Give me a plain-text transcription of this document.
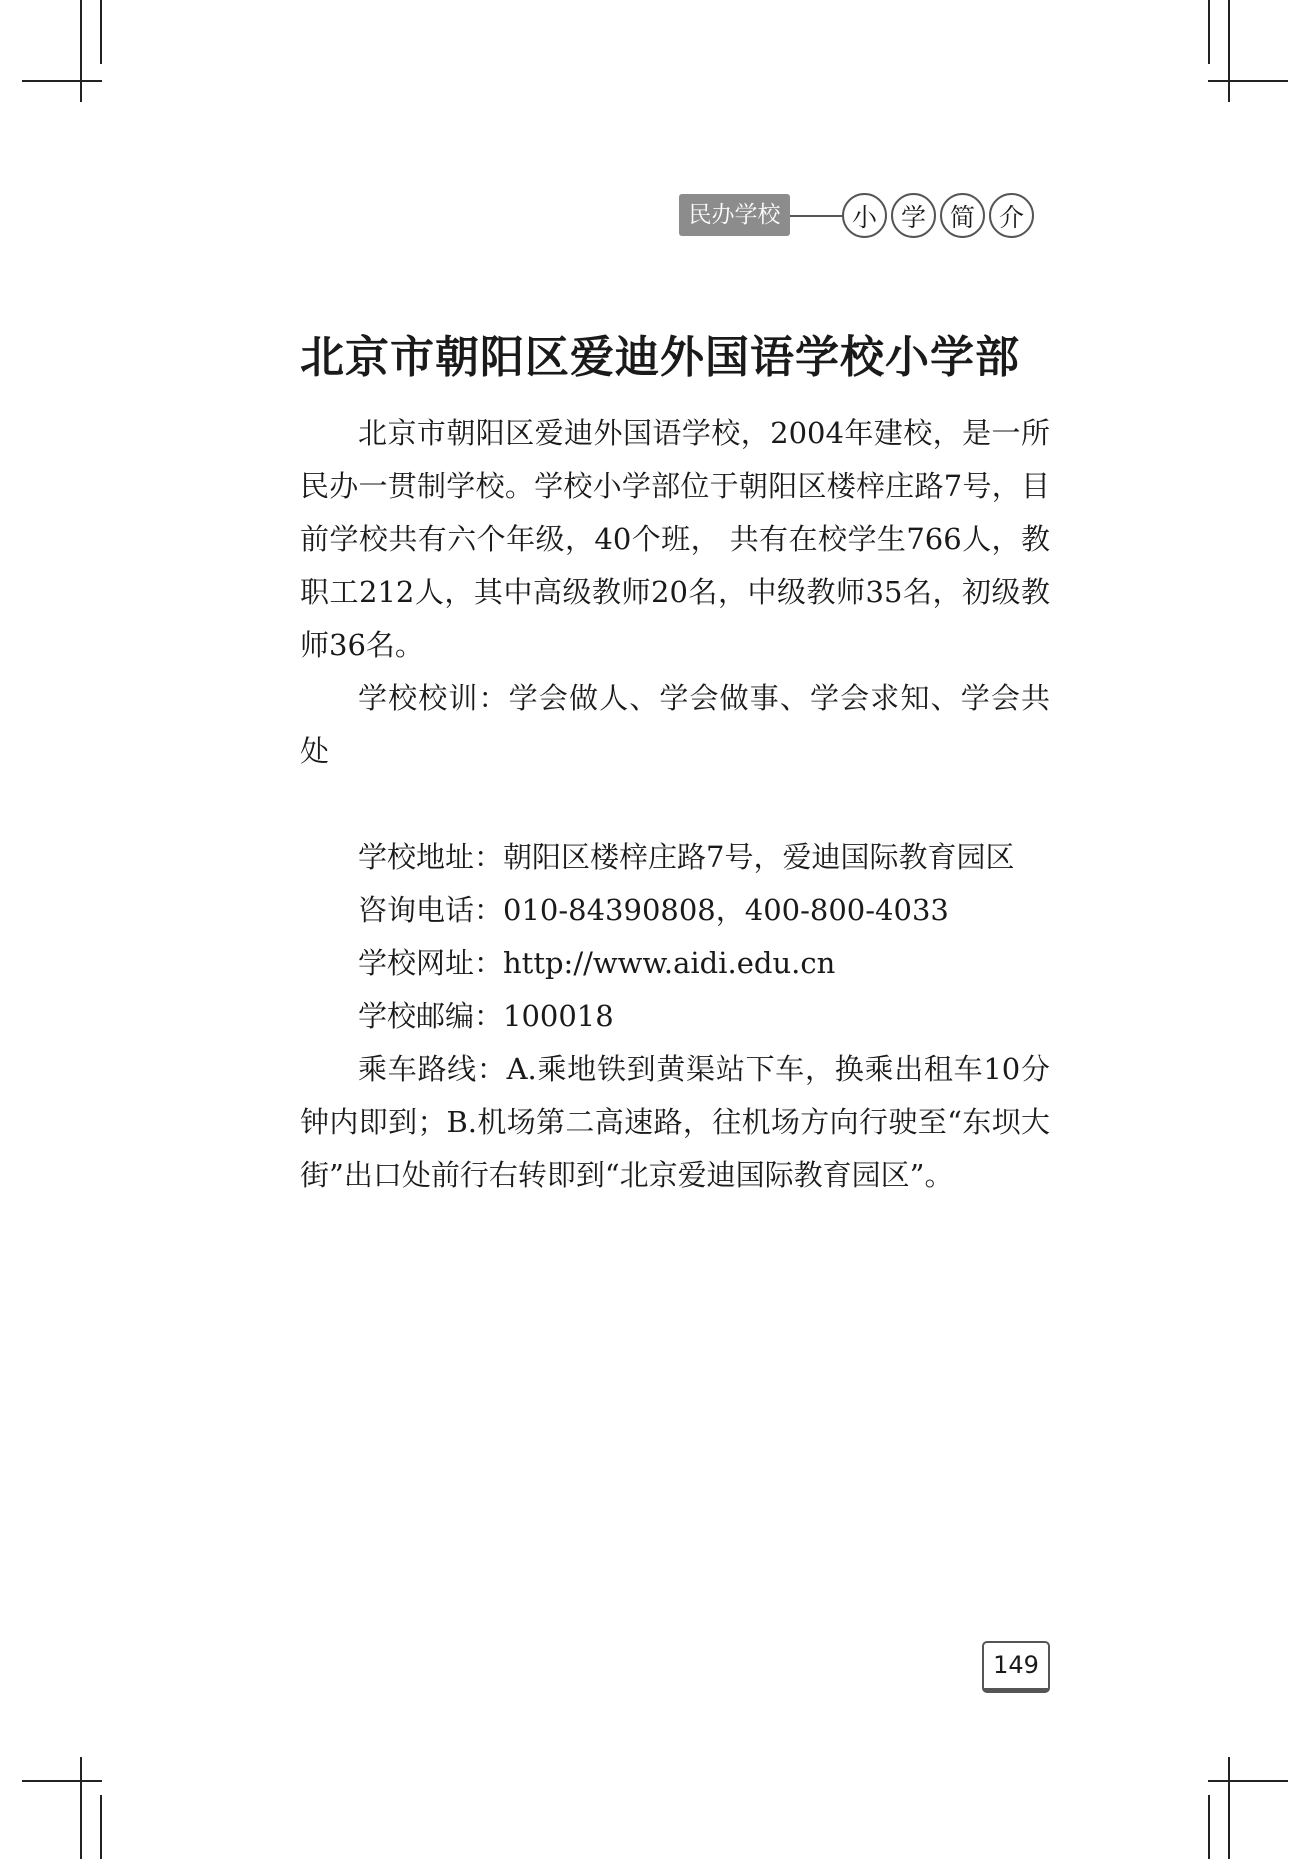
民办学校	小 学 简 介
北京市朝阳区爱迪外国语学校小学部

北京市朝阳区爱迪外国语学校，2004年建校，是一所民办一贯制学校。学校小学部位于朝阳区楼梓庄路7号，目前学校共有六个年级，40个班， 共有在校学生766人，教职工212人，其中高级教师20名，中级教师35名，初级教师36名。

学校校训：学会做人、学会做事、学会求知、学会共处

学校地址：朝阳区楼梓庄路7号，爱迪国际教育园区

咨询电话：010-84390808，400-800-4033

学校网址：http://www.aidi.edu.cn

学校邮编：100018

乘车路线：A.乘地铁到黄渠站下车，换乘出租车10分钟内即到；B.机场第二高速路，往机场方向行驶至“东坝大街”出口处前行右转即到“北京爱迪国际教育园区”。

149
